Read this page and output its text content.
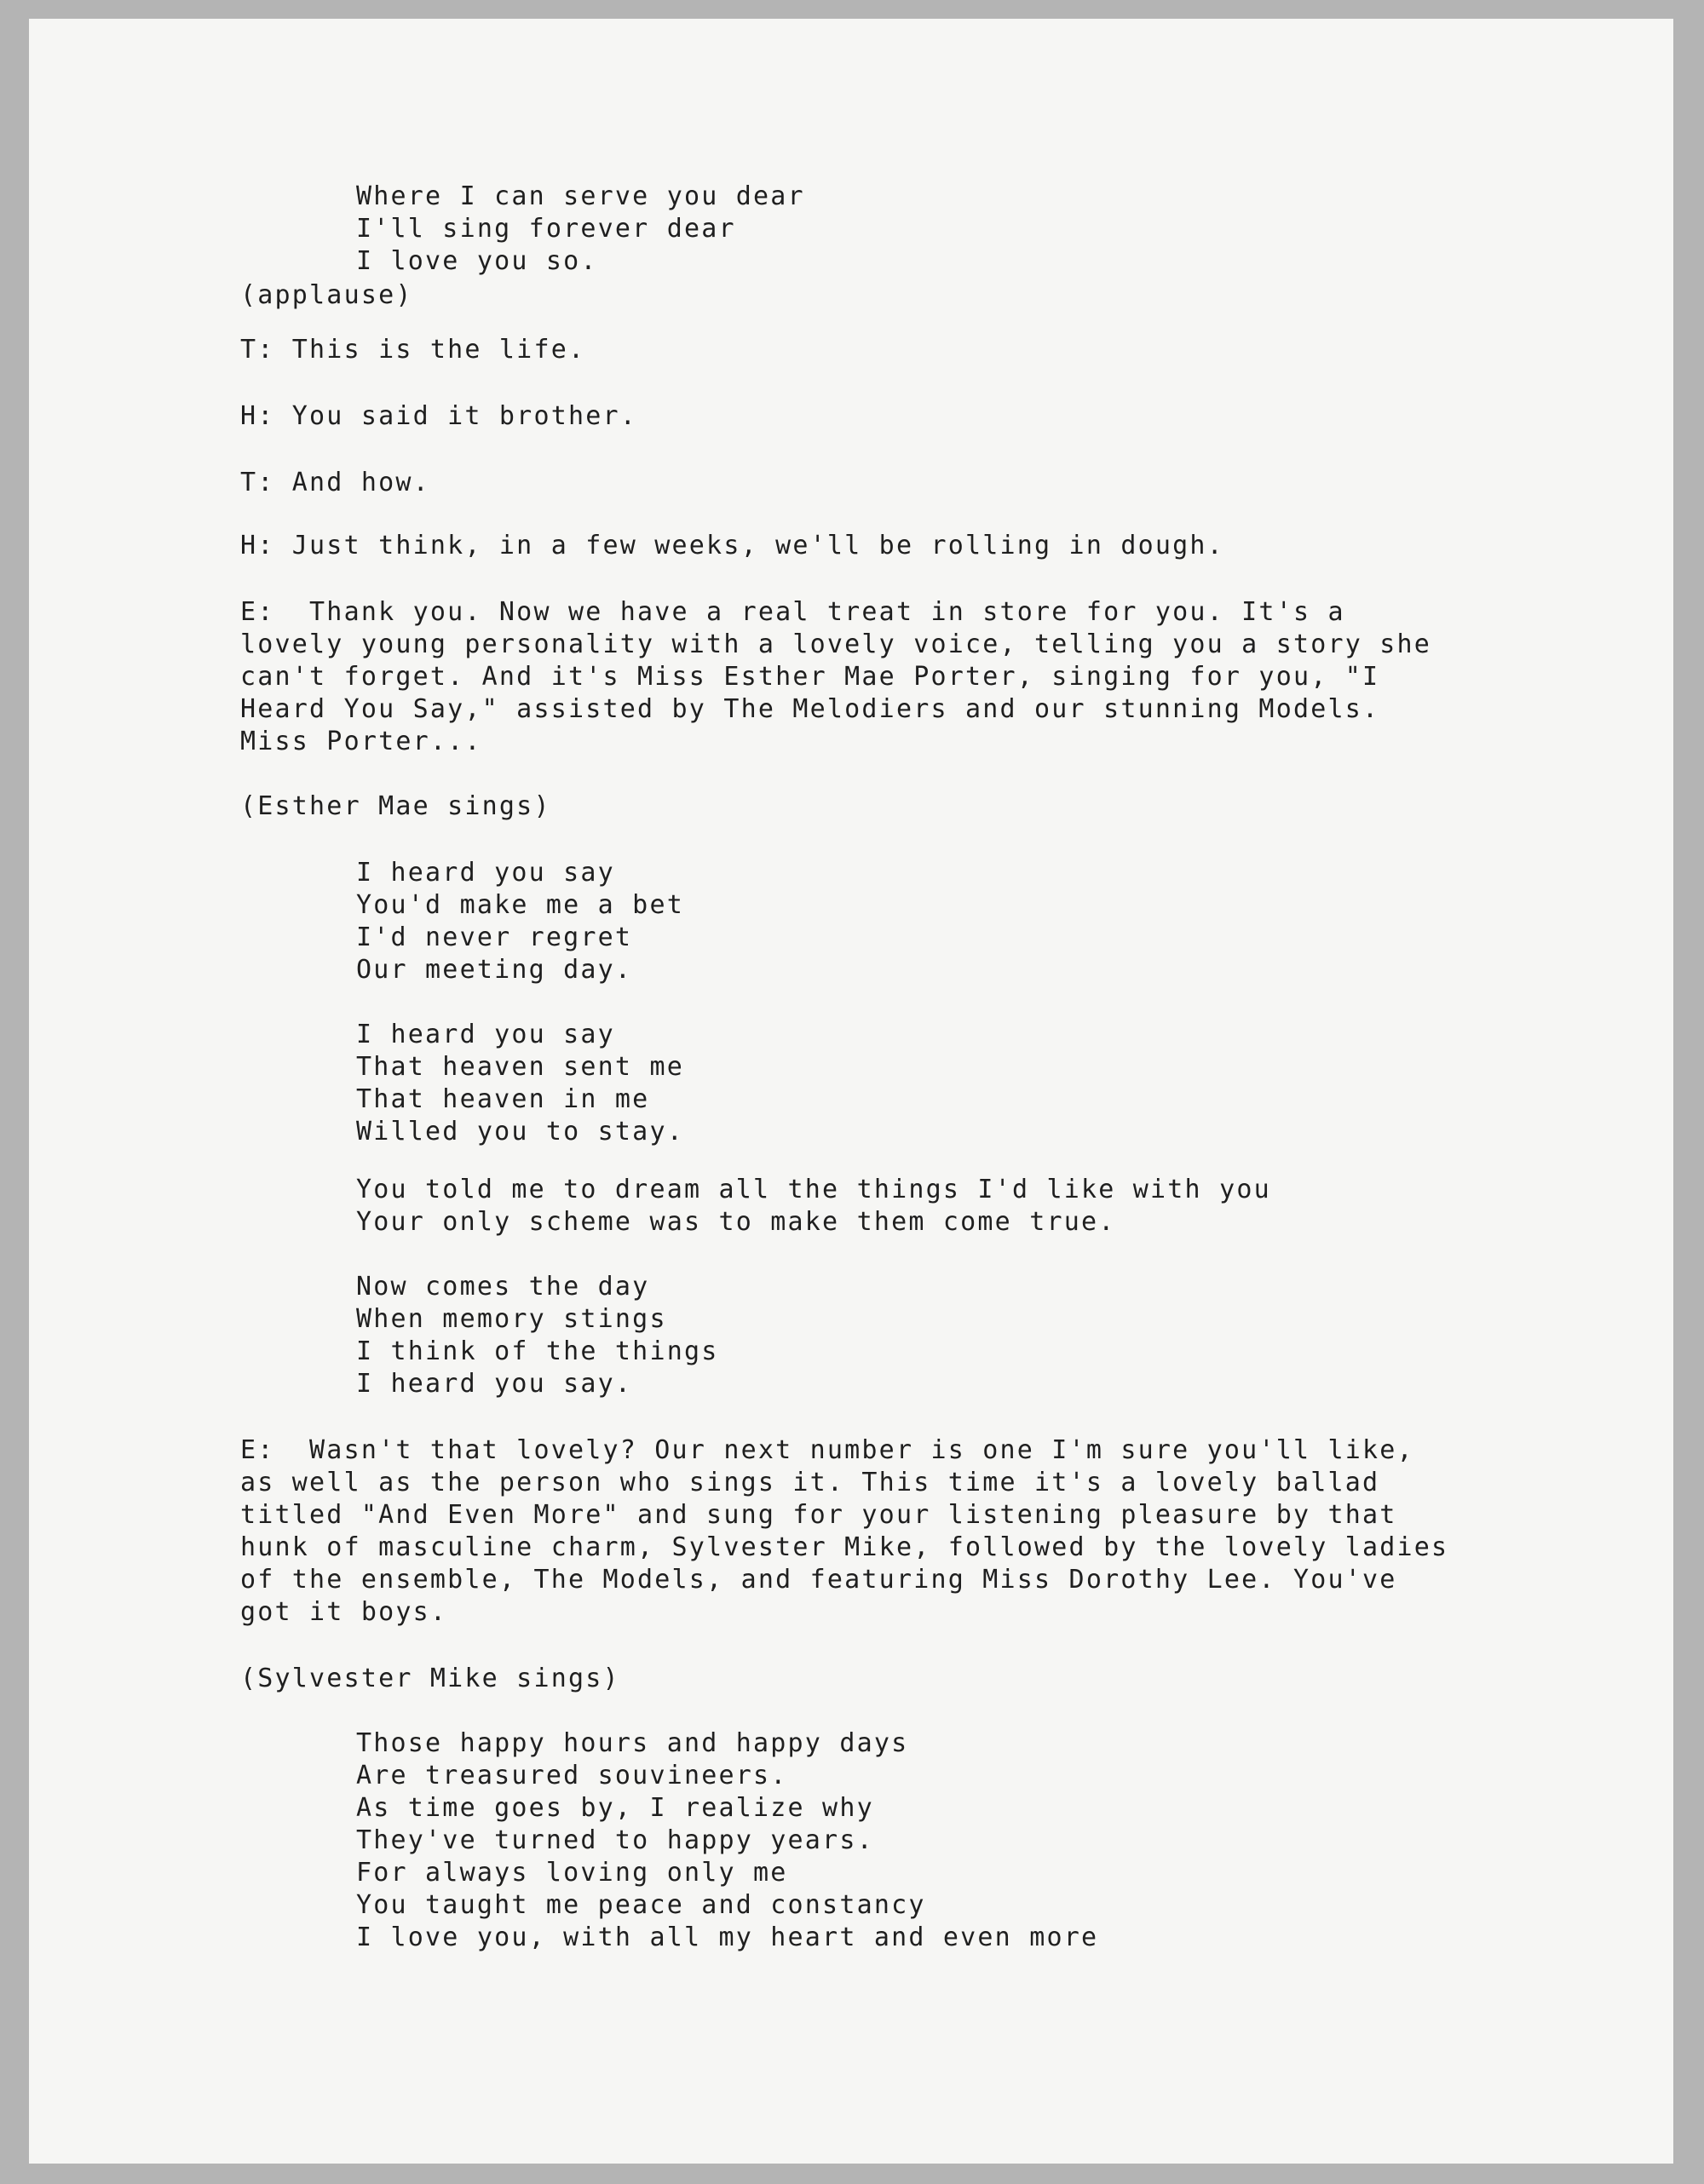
Where I can serve you dear
I'll sing forever dear
I love you so.
(applause)
T: This is the life.
H: You said it brother.
T: And how.
H: Just think, in a few weeks, we'll be rolling in dough.
E:  Thank you. Now we have a real treat in store for you. It's a
lovely young personality with a lovely voice, telling you a story she
can't forget. And it's Miss Esther Mae Porter, singing for you, "I
Heard You Say," assisted by The Melodiers and our stunning Models.
Miss Porter...
(Esther Mae sings)
I heard you say
You'd make me a bet
I'd never regret
Our meeting day.
I heard you say
That heaven sent me
That heaven in me
Willed you to stay.
You told me to dream all the things I'd like with you
Your only scheme was to make them come true.
Now comes the day
When memory stings
I think of the things
I heard you say.
E:  Wasn't that lovely? Our next number is one I'm sure you'll like,
as well as the person who sings it. This time it's a lovely ballad
titled "And Even More" and sung for your listening pleasure by that
hunk of masculine charm, Sylvester Mike, followed by the lovely ladies
of the ensemble, The Models, and featuring Miss Dorothy Lee. You've
got it boys.
(Sylvester Mike sings)
Those happy hours and happy days
Are treasured souvineers.
As time goes by, I realize why
They've turned to happy years.
For always loving only me
You taught me peace and constancy
I love you, with all my heart and even more
